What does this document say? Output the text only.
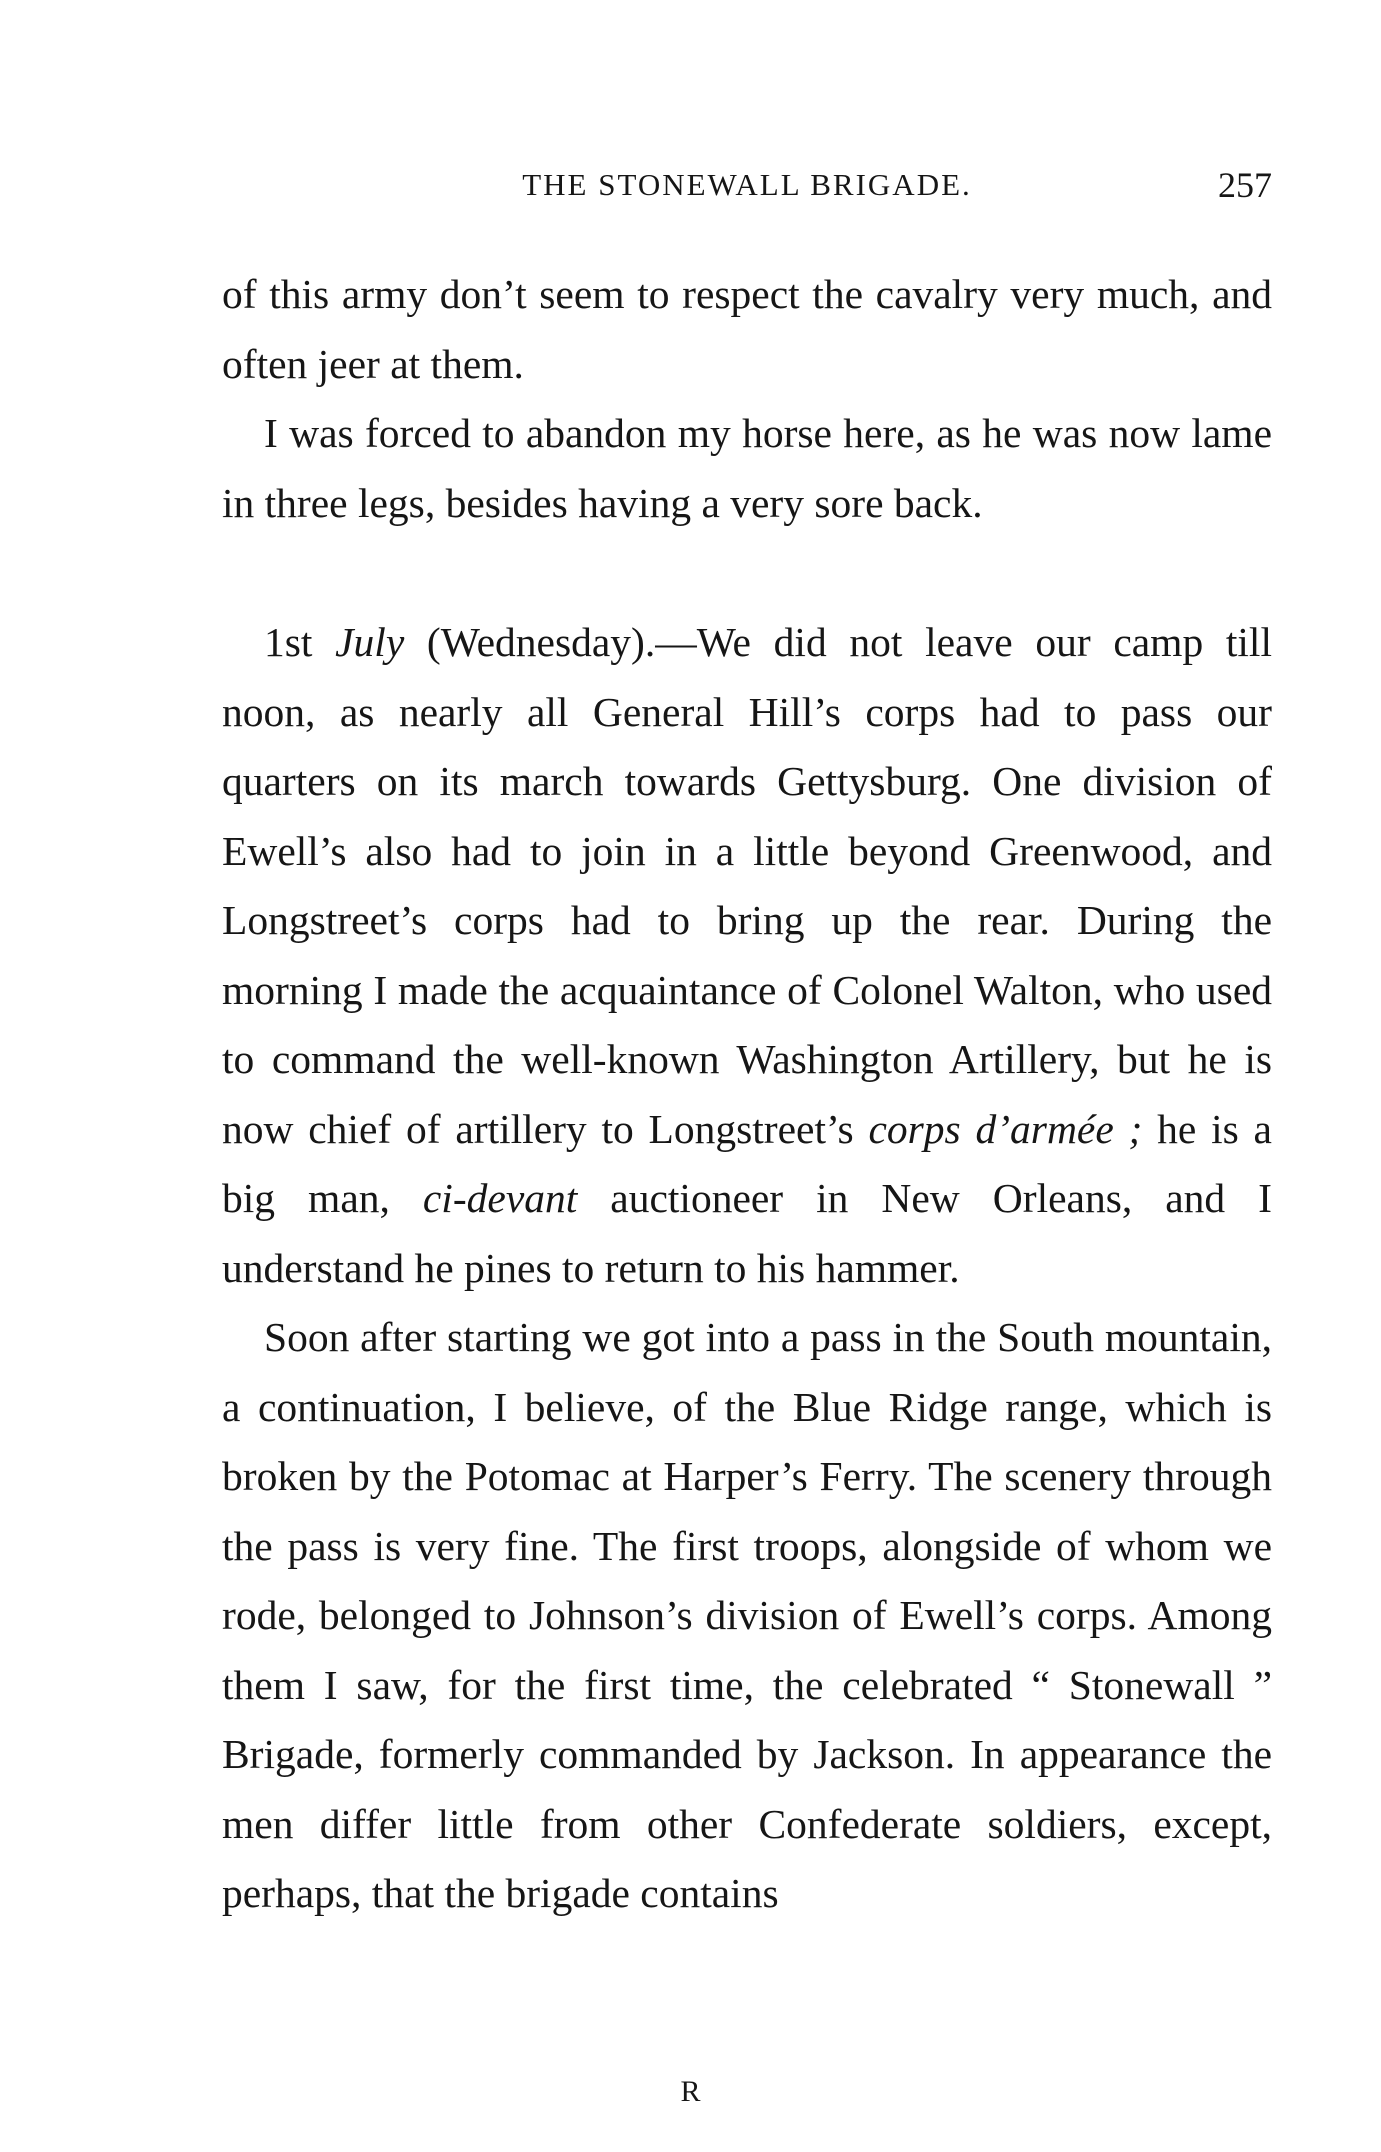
THE STONEWALL BRIGADE.	257

of this army don’t seem to respect the cavalry very much, and often jeer at them.

I was forced to abandon my horse here, as he was now lame in three legs, besides having a very sore back.

1st July (Wednesday).—We did not leave our camp till noon, as nearly all General Hill’s corps had to pass our quarters on its march towards Gettysburg. One division of Ewell’s also had to join in a little beyond Greenwood, and Longstreet’s corps had to bring up the rear. During the morning I made the acquaintance of Colonel Walton, who used to command the well-known Washington Artillery, but he is now chief of artillery to Longstreet’s corps d’armée ; he is a big man, ci-devant auctioneer in New Orleans, and I understand he pines to return to his hammer.

Soon after starting we got into a pass in the South mountain, a continuation, I believe, of the Blue Ridge range, which is broken by the Potomac at Harper’s Ferry. The scenery through the pass is very fine. The first troops, alongside of whom we rode, belonged to Johnson’s division of Ewell’s corps. Among them I saw, for the first time, the celebrated “ Stonewall ” Brigade, formerly commanded by Jackson. In appearance the men differ little from other Confederate soldiers, except, perhaps, that the brigade contains

R
